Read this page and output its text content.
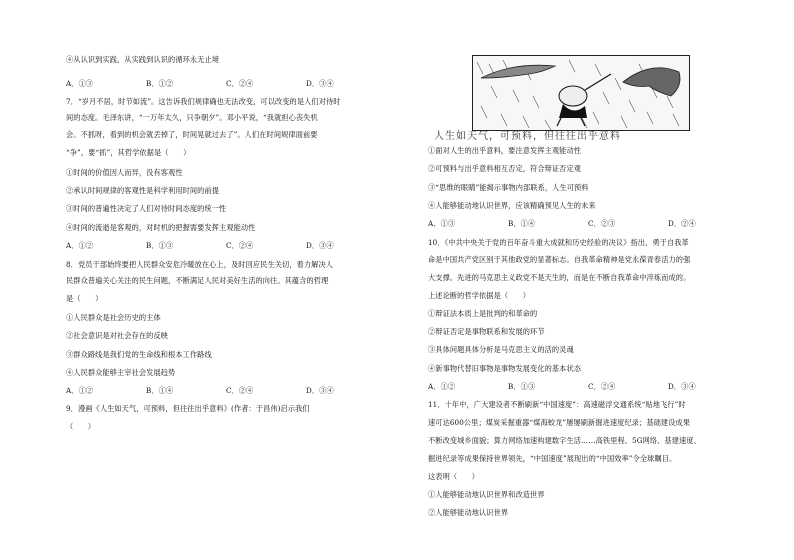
④从认识到实践，从实践到认识的循环永无止境
A．①③	B．①②	C．②④	D．③④
7．“岁月不居，时节如流”。这告诉我们规律确也无法改变，可以改变的是人们对待时
间的态度。毛泽东讲，“一万年太久，只争朝夕”。邓小平说，“我就担心丧失机
会。不抓呀，看到的机会就丢掉了，时间晃就过去了”。人们在时间规律面前要
“争”，要“抓”，其哲学依据是（　　）
①时间的价值因人而异，没有客观性
②承认时间规律的客观性是科学利用时间的前提
③时间的普遍性决定了人们对待时间态度的统一性
④时间的流逝是客观的，对时机的把握需要发挥主观能动性
A．①②	B．①③	C．②④	D．③④
8．党员干部始终要把人民群众安危冷暖放在心上，及时回应民生关切，着力解决人
民群众普遍关心关注的民生问题，不断满足人民对美好生活的向往。其蕴含的哲理
是（　　）
①人民群众是社会历史的主体
②社会意识是对社会存在的反映
③群众路线是我们党的生命线和根本工作路线
④人民群众能够主宰社会发展趋势
A．①②	B．①④	C．②④	D．③④
9．漫画《人生如天气，可预料，但往往出乎意料》(作者：于昌伟)启示我们
（　　）
人生如天气，可预料，但往往出乎意料
①面对人生的出乎意料，要注意发挥主观能动性
②可预料与出乎意料相互否定，符合辩证否定观
③“思维的眼睛”能揭示事物内部联系，人生可预料
④人能够能动地认识世界，应该精确预见人生的未来
A．①③	B．①④	C．②③	D．②④
10．《中共中央关于党的百年奋斗重大成就和历史经验的决议》指出，勇于自我革
命是中国共产党区别于其他政党的显著标志。自我革命精神是党永葆青春活力的强
大支撑。先进的马克思主义政党不是天生的，而是在不断自我革命中淬炼而成的。
上述论断的哲学依据是（　　）
①辩证法本质上是批判的和革命的
②辩证否定是事物联系和发展的环节
③具体问题具体分析是马克思主义的活的灵魂
④新事物代替旧事物是事物发展变化的基本状态
A．①②	B．①③	C．②④	D．③④
11．十年中，广大建设者不断刷新“中国速度”：高速磁浮交通系统“贴地飞行”时
速可达600公里；煤炭采掘重器“煤海蛟龙”屡屡刷新掘进速度纪录；基础建设成果
不断改变城乡面貌；算力网络加速构建数字生活……高铁里程、5G网络、基建速度、
掘进纪录等成果保持世界领先，“中国速度”展现出的“中国效率”令全球瞩目。
这表明（　　）
①人能够能动地认识世界和改造世界
②人能够能动地认识世界
